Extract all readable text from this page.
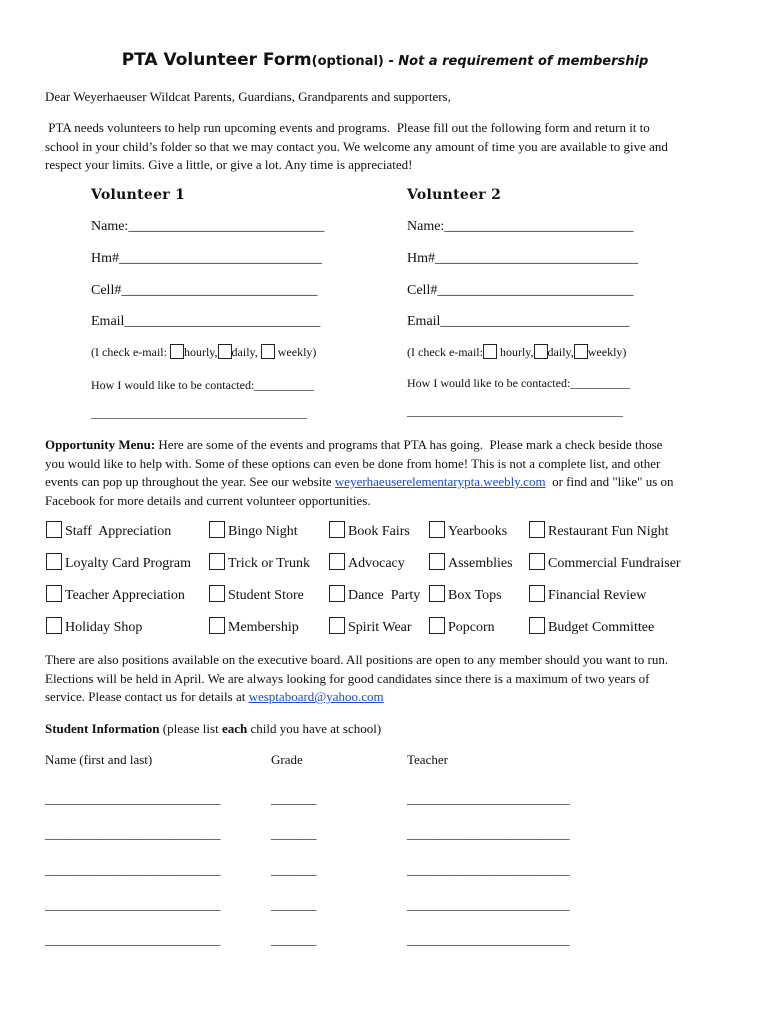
PTA Volunteer Form(optional) - Not a requirement of membership
Dear Weyerhaeuser Wildcat Parents, Guardians, Grandparents and supporters,
PTA needs volunteers to help run upcoming events and programs.  Please fill out the following form and return it to
school in your child’s folder so that we may contact you. We welcome any amount of time you are available to give and
respect your limits. Give a little, or give a lot. Any time is appreciated!
Volunteer 1
Name:____________________________
Hm#_____________________________
Cell#____________________________
Email____________________________
(I check e-mail: hourly, daily, weekly)
How I would like to be contacted:__________
____________________________________
Volunteer 2
Name:___________________________
Hm#_____________________________
Cell#____________________________
Email___________________________
(I check e-mail: hourly, daily, weekly)
How I would like to be contacted:__________
____________________________________
Opportunity Menu: Here are some of the events and programs that PTA has going.  Please mark a check beside those
you would like to help with. Some of these options can even be done from home! This is not a complete list, and other
events can pop up throughout the year. See our website weyerhaeuserelementarypta.weebly.com  or find and "like" us on
Facebook for more details and current volunteer opportunities.
Staff  Appreciation	Bingo Night	Book Fairs	Yearbooks	Restaurant Fun Night
Loyalty Card Program	Trick or Trunk	Advocacy	Assemblies	Commercial Fundraiser
Teacher Appreciation	Student Store	Dance  Party	Box Tops	Financial Review
Holiday Shop	Membership	Spirit Wear	Popcorn	Budget Committee
There are also positions available on the executive board. All positions are open to any member should you want to run.
Elections will be held in April. We are always looking for good candidates since there is a maximum of two years of
service. Please contact us for details at wesptaboard@yahoo.com
Student Information (please list each child you have at school)
Name (first and last)	Grade	Teacher
___________________________	_______	_________________________
___________________________	_______	_________________________
___________________________	_______	_________________________
___________________________	_______	_________________________
___________________________	_______	_________________________
